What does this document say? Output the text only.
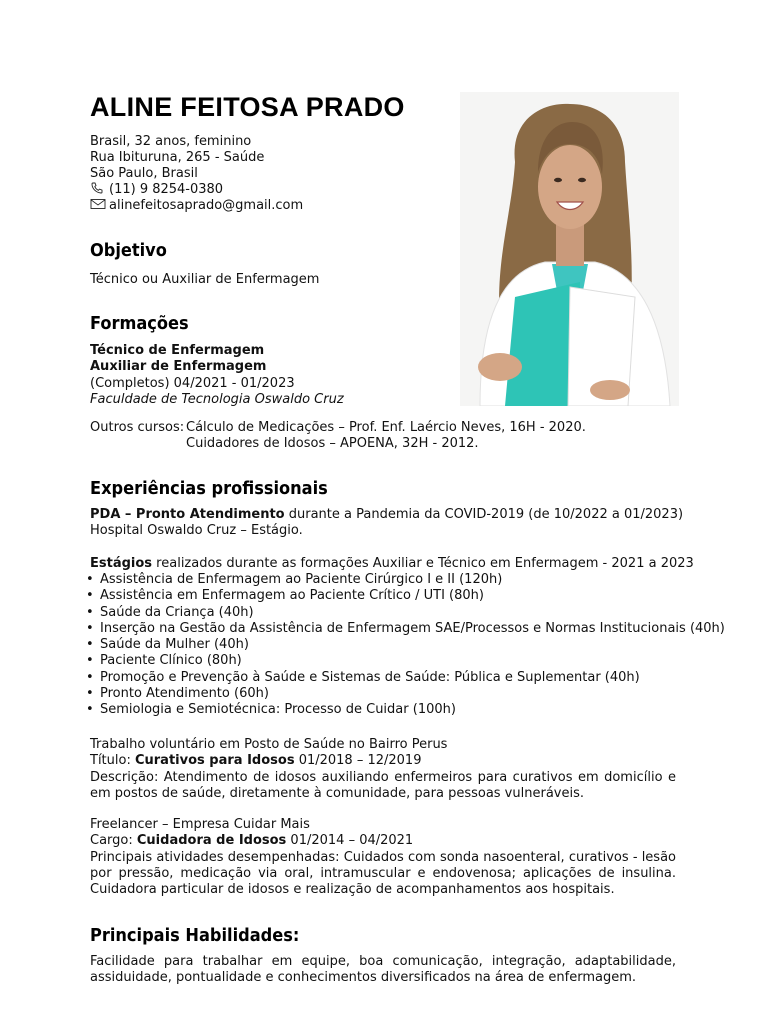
ALINE FEITOSA PRADO
Brasil, 32 anos, feminino
Rua Ibituruna, 265 - Saúde
São Paulo, Brasil
(11) 9 8254-0380
alinefeitosaprado@gmail.com
Objetivo
Técnico ou Auxiliar de Enfermagem
Formações
Técnico de Enfermagem
Auxiliar de Enfermagem
(Completos) 04/2021 - 01/2023
Faculdade de Tecnologia Oswaldo Cruz
Outros cursos: Cálculo de Medicações – Prof. Enf. Laércio Neves, 16H - 2020.
Cuidadores de Idosos – APOENA, 32H - 2012.
Experiências profissionais
PDA – Pronto Atendimento durante a Pandemia da COVID-2019 (de 10/2022 a 01/2023)
Hospital Oswaldo Cruz – Estágio.
Estágios realizados durante as formações Auxiliar e Técnico em Enfermagem - 2021 a 2023
• Assistência de Enfermagem ao Paciente Cirúrgico I e II (120h)
• Assistência em Enfermagem ao Paciente Crítico / UTI (80h)
• Saúde da Criança (40h)
• Inserção na Gestão da Assistência de Enfermagem SAE/Processos e Normas Institucionais (40h)
• Saúde da Mulher (40h)
• Paciente Clínico (80h)
• Promoção e Prevenção à Saúde e Sistemas de Saúde: Pública e Suplementar (40h)
• Pronto Atendimento (60h)
• Semiologia e Semiotécnica: Processo de Cuidar (100h)
Trabalho voluntário em Posto de Saúde no Bairro Perus
Título: Curativos para Idosos 01/2018 – 12/2019
Descrição: Atendimento de idosos auxiliando enfermeiros para curativos em domicílio e em postos de saúde, diretamente à comunidade, para pessoas vulneráveis.
Freelancer – Empresa Cuidar Mais
Cargo: Cuidadora de Idosos 01/2014 – 04/2021
Principais atividades desempenhadas: Cuidados com sonda nasoenteral, curativos - lesão por pressão, medicação via oral, intramuscular e endovenosa; aplicações de insulina. Cuidadora particular de idosos e realização de acompanhamentos aos hospitais.
Principais Habilidades:
Facilidade para trabalhar em equipe, boa comunicação, integração, adaptabilidade, assiduidade, pontualidade e conhecimentos diversificados na área de enfermagem.
